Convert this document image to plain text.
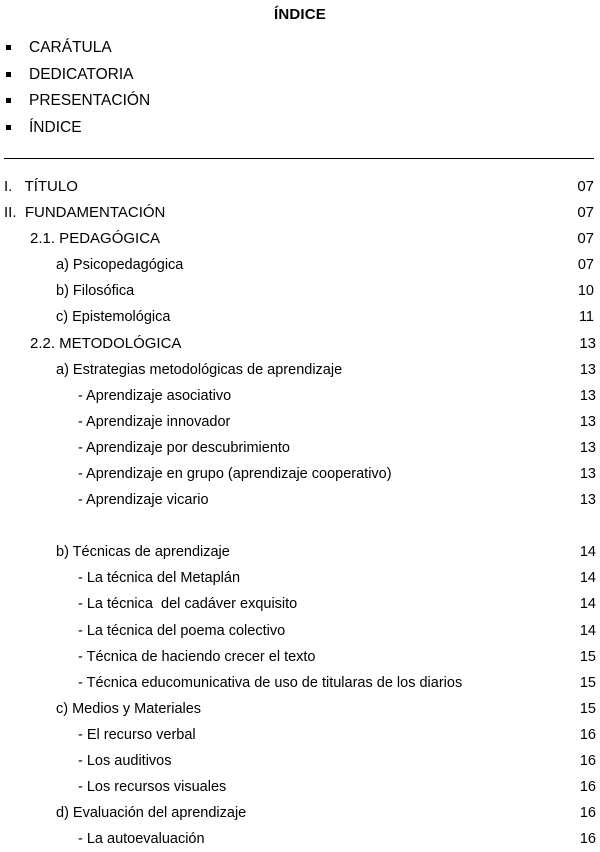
ÍNDICE
CARÁTULA
DEDICATORIA
PRESENTACIÓN
ÍNDICE
I.   TÍTULO	07
II.  FUNDAMENTACIÓN	07
2.1. PEDAGÓGICA	07
a) Psicopedagógica	07
b) Filosófica	10
c) Epistemológica	11
2.2. METODOLÓGICA	13
a) Estrategias metodológicas de aprendizaje	13
- Aprendizaje asociativo	13
- Aprendizaje innovador	13
- Aprendizaje por descubrimiento	13
- Aprendizaje en grupo (aprendizaje cooperativo)	13
- Aprendizaje vicario	13
b) Técnicas de aprendizaje	14
- La técnica del Metaplán	14
- La técnica  del cadáver exquisito	14
- La técnica del poema colectivo	14
- Técnica de haciendo crecer el texto	15
- Técnica educomunicativa de uso de titularas de los diarios	15
c) Medios y Materiales	15
- El recurso verbal	16
- Los auditivos	16
- Los recursos visuales	16
d) Evaluación del aprendizaje	16
- La autoevaluación	16
